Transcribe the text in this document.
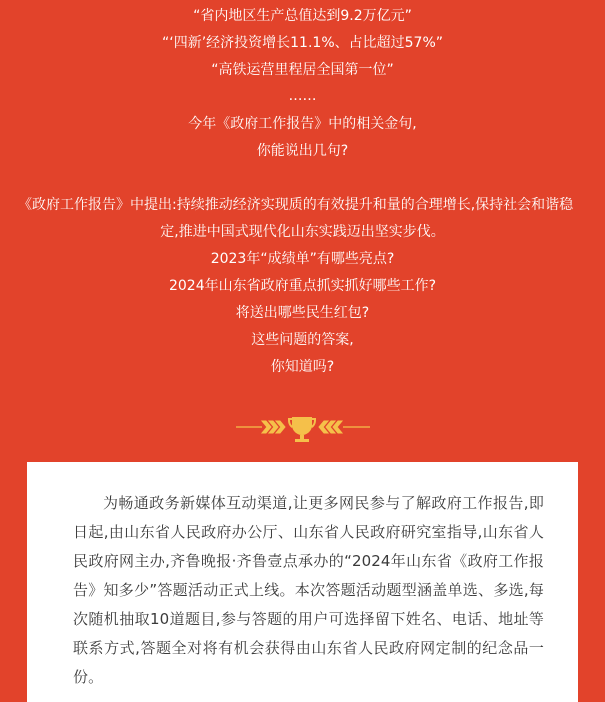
“省内地区生产总值达到9.2万亿元”
“‘四新’经济投资增长11.1%、占比超过57%”
“高铁运营里程居全国第一位”
……
今年《政府工作报告》中的相关金句,
你能说出几句?
《政府工作报告》中提出:持续推动经济实现质的有效提升和量的合理增长,保持社会和谐稳
定,推进中国式现代化山东实践迈出坚实步伐。
2023年“成绩单”有哪些亮点?
2024年山东省政府重点抓实抓好哪些工作?
将送出哪些民生红包?
这些问题的答案,
你知道吗?

为畅通政务新媒体互动渠道,让更多网民参与了解政府工作报告,即日起,由山东省人民政府办公厅、山东省人民政府研究室指导,山东省人民政府网主办,齐鲁晚报·齐鲁壹点承办的“2024年山东省《政府工作报告》知多少”答题活动正式上线。本次答题活动题型涵盖单选、多选,每次随机抽取10道题目,参与答题的用户可选择留下姓名、电话、地址等联系方式,答题全对将有机会获得由山东省人民政府网定制的纪念品一份。
